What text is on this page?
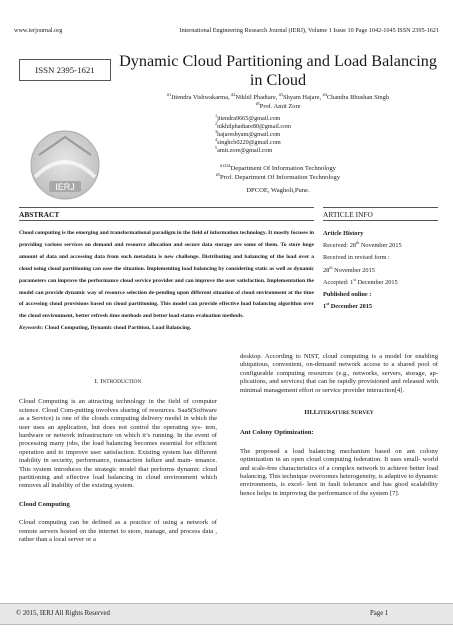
www.ierjournal.org	International Engineering Research Journal (IERJ), Volume 1 Issue 10 Page 1042-1045 ISSN 2395-1621
ISSN 2395-1621
IERJ
Dynamic Cloud Partitioning and Load Balancing in Cloud
$^{\#1}$Jitendra Vishwakarma, $^{\#2}$Nikhil Phadtare, $^{\#3}$Shyam Hajare, $^{\#4}$Chandra Bhushan Singh
$^{\#5}$Prof. Amit Zore
$^1$jitendra9665@gmail.com
$^2$nikhilphadtare80@gmail.com
$^3$hajareshyam@gmail.com
$^4$singhcb0220@gmail.com
$^5$amit.zore@gmail.com
$^{\#1234}$Department Of Information Technology
$^{\#5}$Prof. Department Of Information Technology
DPCOE, Wagholi,Pune.
ABSTRACT	ARTICLE INFO
Cloud computing is the emerging and transformational paradigm in the field of information technology. It mostly focuses in providing various services on demand and resource allocation and secure data storage are some of them. To store huge amount of data and accessing data from such metadata is new challenge. Distributing and balancing of the load over a cloud using cloud partitioning can ease the situation. Implementing load balancing by considering static as well as dynamic parameters can improve the performance cloud service provider and can improve the user satisfaction. Implementation the model can provide dynamic way of resource selection de-pending upon different situation of cloud environment at the time of accessing cloud provisions based on cloud partitioning. This model can provide effective load balancing algorithm over the cloud environment, better refresh time methods and better load status evaluation methods.
Keywords: Cloud Computing, Dynamic cloud Partition, Load Balancing.
Article History
Received: 28th November 2015
Received in revised form :
28th November 2015
Accepted: 1st December 2015
Published online :
1st December 2015
I. INTRODUCTION

Cloud Computing is an attracting technology in the field of computer science. Cloud Com-putting involves sharing of resources. SaaS(Software as a Service) is one of the clouds computing delivery model in which the user uses an application, but does not control the operating sys- tem, hardware or network infrastructure on which it’s running. In the event of processing many jobs, the load balancing becomes essential for efficient operation and to improve user satisfaction. Existing system has different inability in security, performance, transaction failure and main- tenance. This system introduces the strategic model that performs dynamic cloud partitioning and effective load balancing in cloud environment which removes all inability of the existing system.

Cloud Computing

Cloud computing can be defined as a practice of using a network of remote servers hosted on the internet to store, manage, and process data , rather than a local server or a

desktop. According to NIST, cloud computing is a model for enabling ubiquitous, convenient, on-demand network access to a shared pool of configurable computing resources (e.g., networks, servers, storage, ap-plications, and services) that can be rapidly provisioned and released with minimal management effort or service provider interaction[4].

III.LITERATURE SURVEY
Ant Colony Optimization:

The proposed a load balancing mechanism based on ant colony optimization in an open cloud computing federation. It uses small- world and scale-free characteristics of a complex network to achieve better load balancing. This technique overcomes heterogeneity, is adaptive to dynamic environments, is excel- lent in fault tolerance and has good scalability hence helps in improving the performance of the system [7].

© 2015, IERJ All Rights Reserved	Page 1
